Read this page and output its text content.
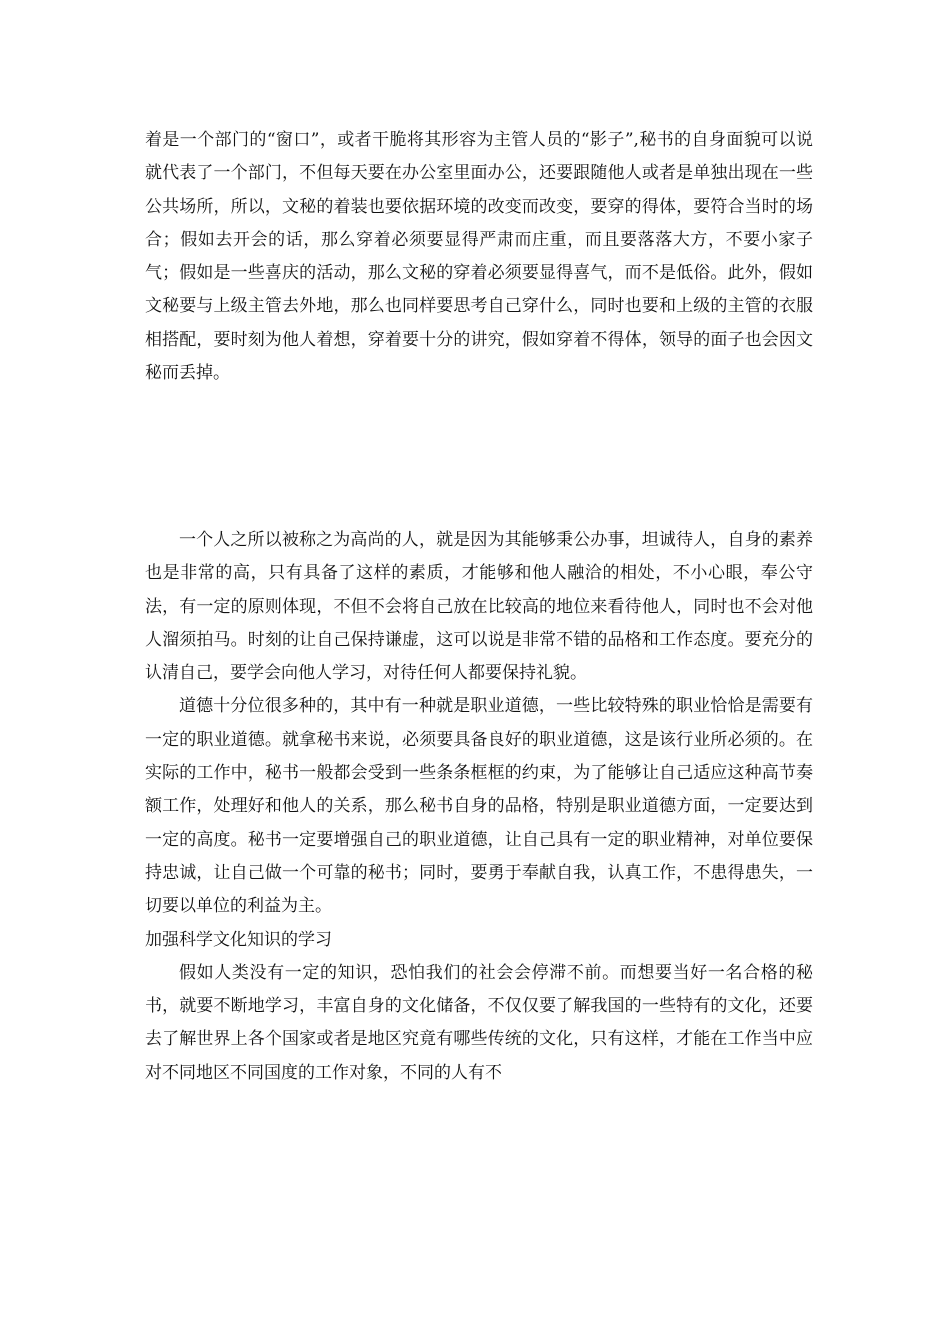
着是一个部门的“窗口”，或者干脆将其形容为主管人员的“影子”,秘书的自身面貌可以说就代表了一个部门，不但每天要在办公室里面办公，还要跟随他人或者是单独出现在一些公共场所，所以，文秘的着装也要依据环境的改变而改变，要穿的得体，要符合当时的场合；假如去开会的话，那么穿着必须要显得严肃而庄重，而且要落落大方，不要小家子气；假如是一些喜庆的活动，那么文秘的穿着必须要显得喜气，而不是低俗。此外，假如文秘要与上级主管去外地，那么也同样要思考自己穿什么，同时也要和上级的主管的衣服相搭配，要时刻为他人着想，穿着要十分的讲究，假如穿着不得体，领导的面子也会因文秘而丢掉。

一个人之所以被称之为高尚的人，就是因为其能够秉公办事，坦诚待人，自身的素养也是非常的高，只有具备了这样的素质，才能够和他人融洽的相处，不小心眼，奉公守法，有一定的原则体现，不但不会将自己放在比较高的地位来看待他人，同时也不会对他人溜须拍马。时刻的让自己保持谦虚，这可以说是非常不错的品格和工作态度。要充分的认清自己，要学会向他人学习，对待任何人都要保持礼貌。

道德十分位很多种的，其中有一种就是职业道德，一些比较特殊的职业恰恰是需要有一定的职业道德。就拿秘书来说，必须要具备良好的职业道德，这是该行业所必须的。在实际的工作中，秘书一般都会受到一些条条框框的约束，为了能够让自己适应这种高节奏额工作，处理好和他人的关系，那么秘书自身的品格，特别是职业道德方面，一定要达到一定的高度。秘书一定要增强自己的职业道德，让自己具有一定的职业精神，对单位要保持忠诚，让自己做一个可靠的秘书；同时，要勇于奉献自我，认真工作，不患得患失，一切要以单位的利益为主。

加强科学文化知识的学习

假如人类没有一定的知识，恐怕我们的社会会停滞不前。而想要当好一名合格的秘书，就要不断地学习，丰富自身的文化储备，不仅仅要了解我国的一些特有的文化，还要去了解世界上各个国家或者是地区究竟有哪些传统的文化，只有这样，才能在工作当中应对不同地区不同国度的工作对象，不同的人有不
